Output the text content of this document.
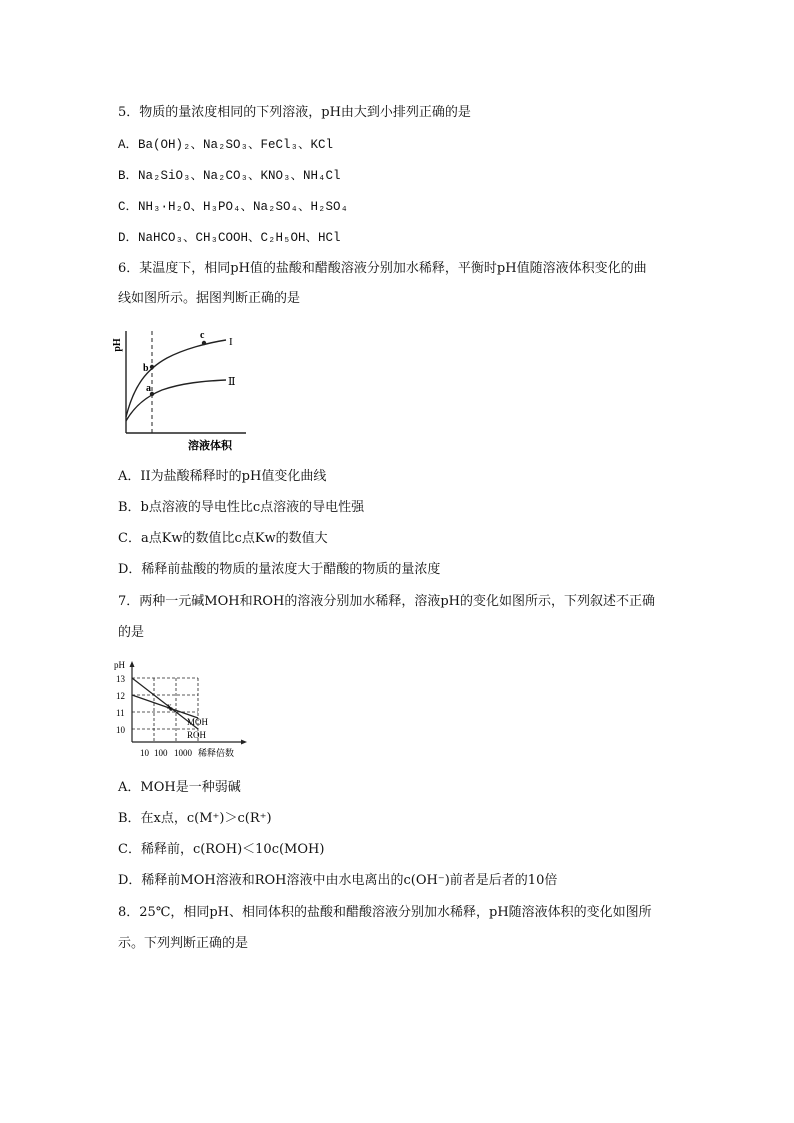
5．物质的量浓度相同的下列溶液，pH由大到小排列正确的是
A．Ba(OH)₂、Na₂SO₃、FeCl₃、KCl
B．Na₂SiO₃、Na₂CO₃、KNO₃、NH₄Cl
C．NH₃·H₂O、H₃PO₄、Na₂SO₄、H₂SO₄
D．NaHCO₃、CH₃COOH、C₂H₅OH、HCl
6．某温度下，相同pH值的盐酸和醋酸溶液分别加水稀释，平衡时pH值随溶液体积变化的曲
线如图所示。据图判断正确的是
pH
b
a
c
I
Ⅱ
溶液体积
A．II为盐酸稀释时的pH值变化曲线
B．b点溶液的导电性比c点溶液的导电性强
C．a点Kw的数值比c点Kw的数值大
D．稀释前盐酸的物质的量浓度大于醋酸的物质的量浓度
7．两种一元碱MOH和ROH的溶液分别加水稀释，溶液pH的变化如图所示，下列叙述不正确
的是
x
pH
13
12
11
10
MOH
ROH
10 100 1000 稀释倍数
A．MOH是一种弱碱
B．在x点，c(M⁺)＞c(R⁺)
C．稀释前，c(ROH)＜10c(MOH)
D．稀释前MOH溶液和ROH溶液中由水电离出的c(OH⁻)前者是后者的10倍
8．25℃，相同pH、相同体积的盐酸和醋酸溶液分别加水稀释，pH随溶液体积的变化如图所
示。下列判断正确的是
